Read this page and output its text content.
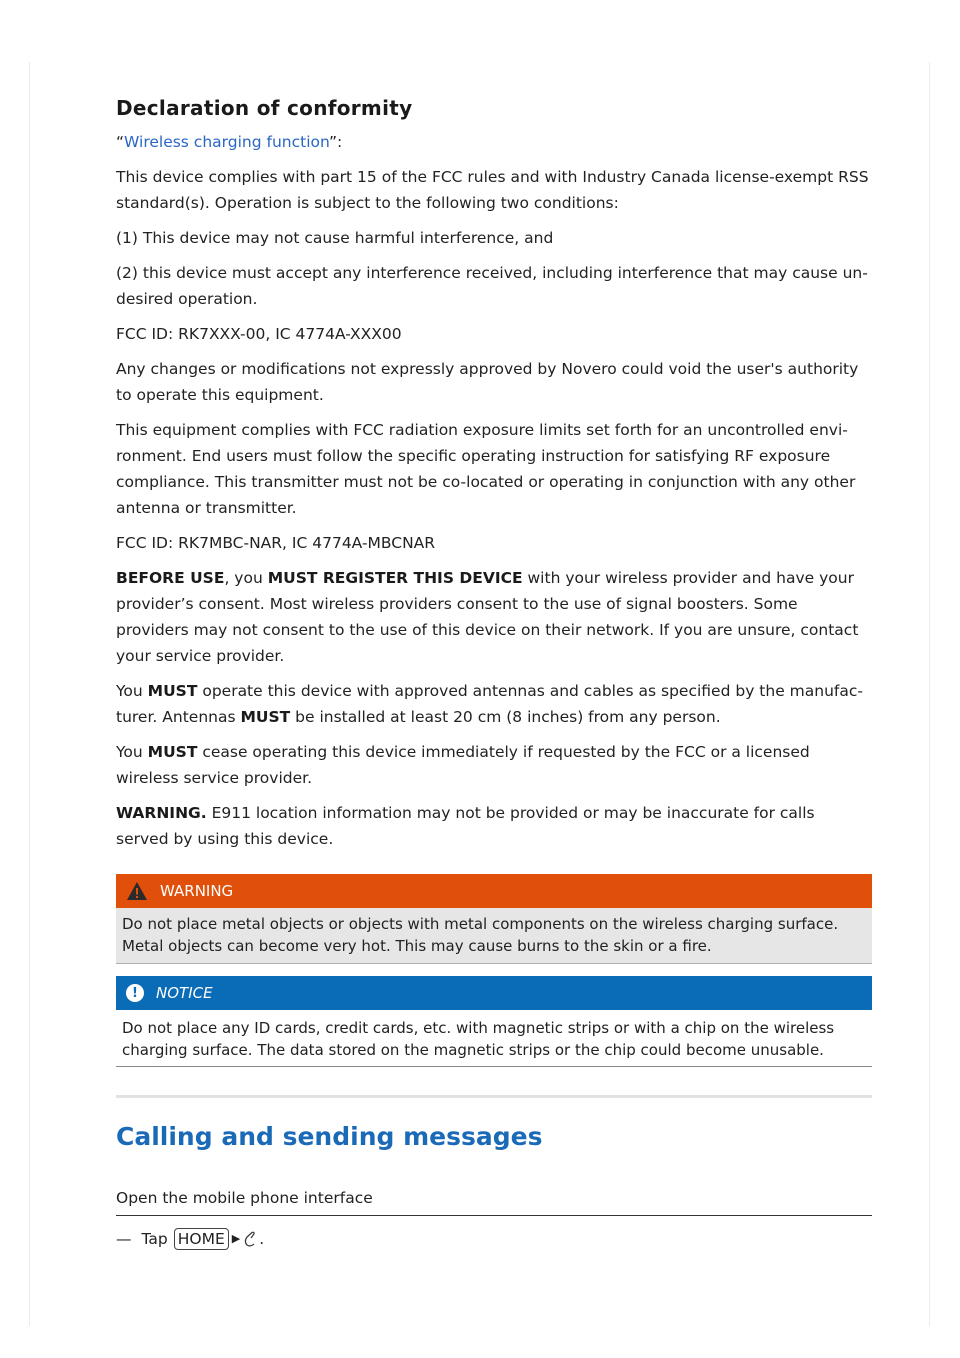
Declaration of conformity

“Wireless charging function”:

This device complies with part 15 of the FCC rules and with Industry Canada license-exempt RSS standard(s). Operation is subject to the following two conditions:

(1) This device may not cause harmful interference, and

(2) this device must accept any interference received, including interference that may cause undesired operation.

FCC ID: RK7XXX-00, IC 4774A-XXX00

Any changes or modifications not expressly approved by Novero could void the user's authority to operate this equipment.

This equipment complies with FCC radiation exposure limits set forth for an uncontrolled environment. End users must follow the specific operating instruction for satisfying RF exposure compliance. This transmitter must not be co-located or operating in conjunction with any other antenna or transmitter.

FCC ID: RK7MBC-NAR, IC 4774A-MBCNAR

BEFORE USE, you MUST REGISTER THIS DEVICE with your wireless provider and have your provider’s consent. Most wireless providers consent to the use of signal boosters. Some providers may not consent to the use of this device on their network. If you are unsure, contact your service provider.

You MUST operate this device with approved antennas and cables as specified by the manufacturer. Antennas MUST be installed at least 20 cm (8 inches) from any person.

You MUST cease operating this device immediately if requested by the FCC or a licensed wireless service provider.

WARNING. E911 location information may not be provided or may be inaccurate for calls served by using this device.

WARNING

Do not place metal objects or objects with metal components on the wireless charging surface. Metal objects can become very hot. This may cause burns to the skin or a fire.

!	NOTICE

Do not place any ID cards, credit cards, etc. with magnetic strips or with a chip on the wireless charging surface. The data stored on the magnetic strips or the chip could become unusable.

Calling and sending messages
Open the mobile phone interface
— Tap HOME ▶ .
